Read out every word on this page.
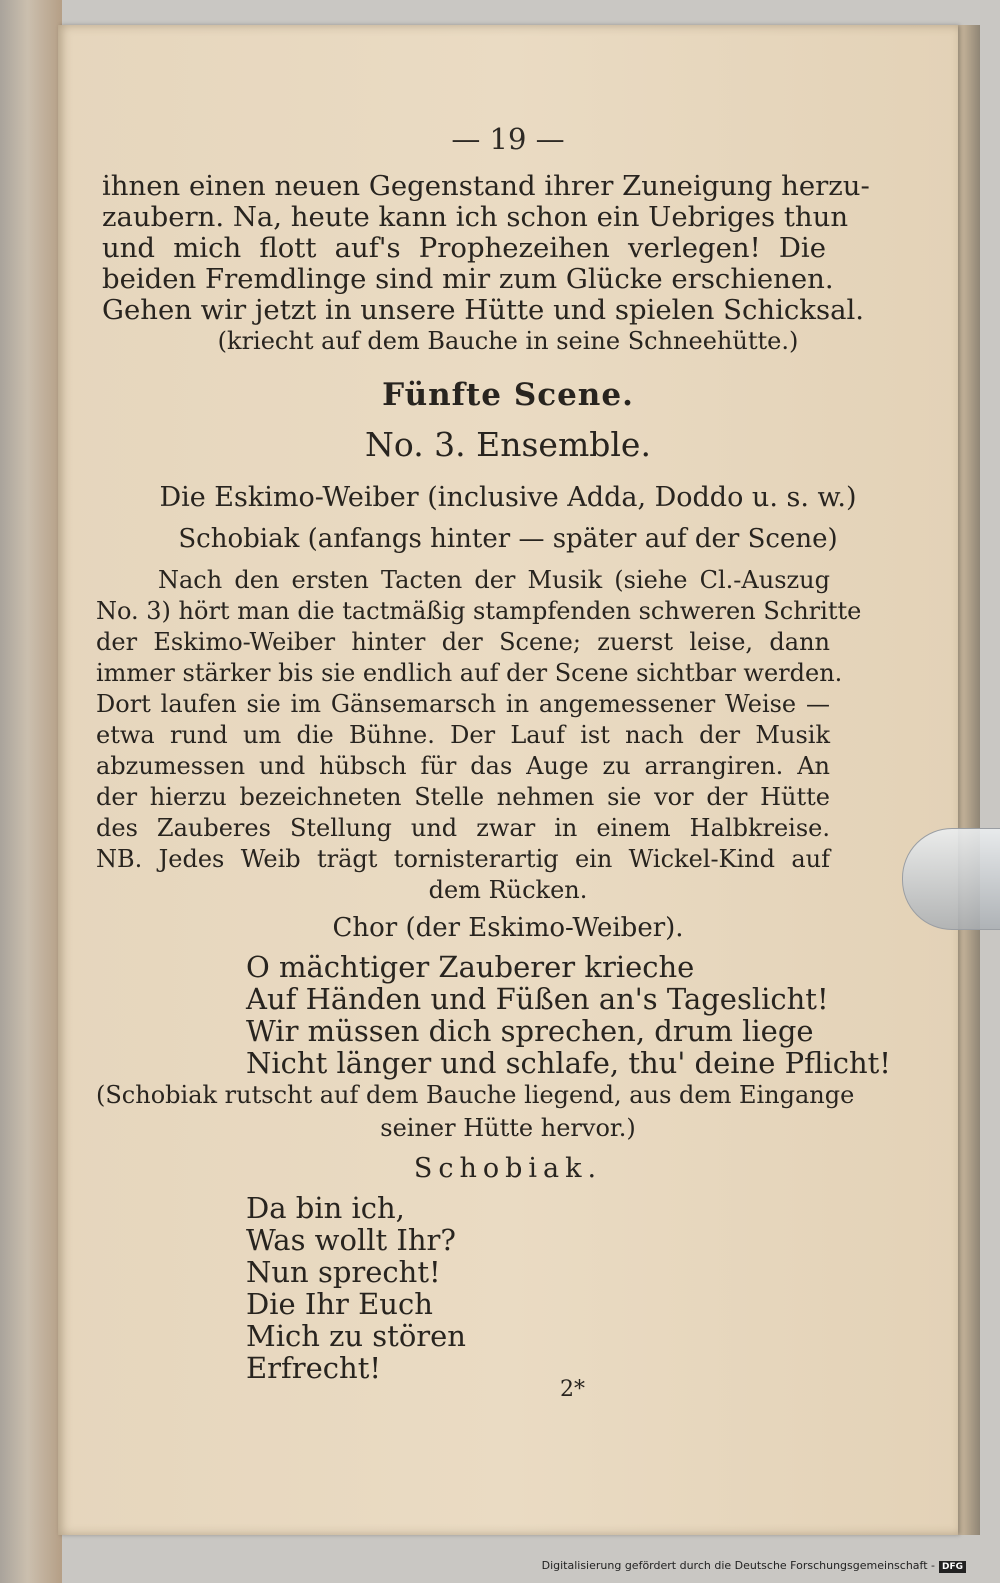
— 19 —
ihnen einen neuen Gegenstand ihrer Zuneigung herzu-
zaubern. Na, heute kann ich schon ein Uebriges thun
und mich flott auf's Prophezeihen verlegen! Die
beiden Fremdlinge sind mir zum Glücke erschienen.
Gehen wir jetzt in unsere Hütte und spielen Schicksal.
(kriecht auf dem Bauche in seine Schneehütte.)
Fünfte Scene.
No. 3. Ensemble.
Die Eskimo-Weiber (inclusive Adda, Doddo u. s. w.)
Schobiak (anfangs hinter — später auf der Scene)
Nach den ersten Tacten der Musik (siehe Cl.-Auszug
No. 3) hört man die tactmäßig stampfenden schweren Schritte
der Eskimo-Weiber hinter der Scene; zuerst leise, dann
immer stärker bis sie endlich auf der Scene sichtbar werden.
Dort laufen sie im Gänsemarsch in angemessener Weise —
etwa rund um die Bühne. Der Lauf ist nach der Musik
abzumessen und hübsch für das Auge zu arrangiren. An
der hierzu bezeichneten Stelle nehmen sie vor der Hütte
des Zauberes Stellung und zwar in einem Halbkreise.
NB. Jedes Weib trägt tornisterartig ein Wickel-Kind auf
dem Rücken.
Chor (der Eskimo-Weiber).
O mächtiger Zauberer krieche
Auf Händen und Füßen an's Tageslicht!
Wir müssen dich sprechen, drum liege
Nicht länger und schlafe, thu' deine Pflicht!
(Schobiak rutscht auf dem Bauche liegend, aus dem Eingange
seiner Hütte hervor.)
Schobiak.
Da bin ich,
Was wollt Ihr?
Nun sprecht!
Die Ihr Euch
Mich zu stören
Erfrecht!
2*
Digitalisierung gefördert durch die Deutsche Forschungsgemeinschaft - DFG
